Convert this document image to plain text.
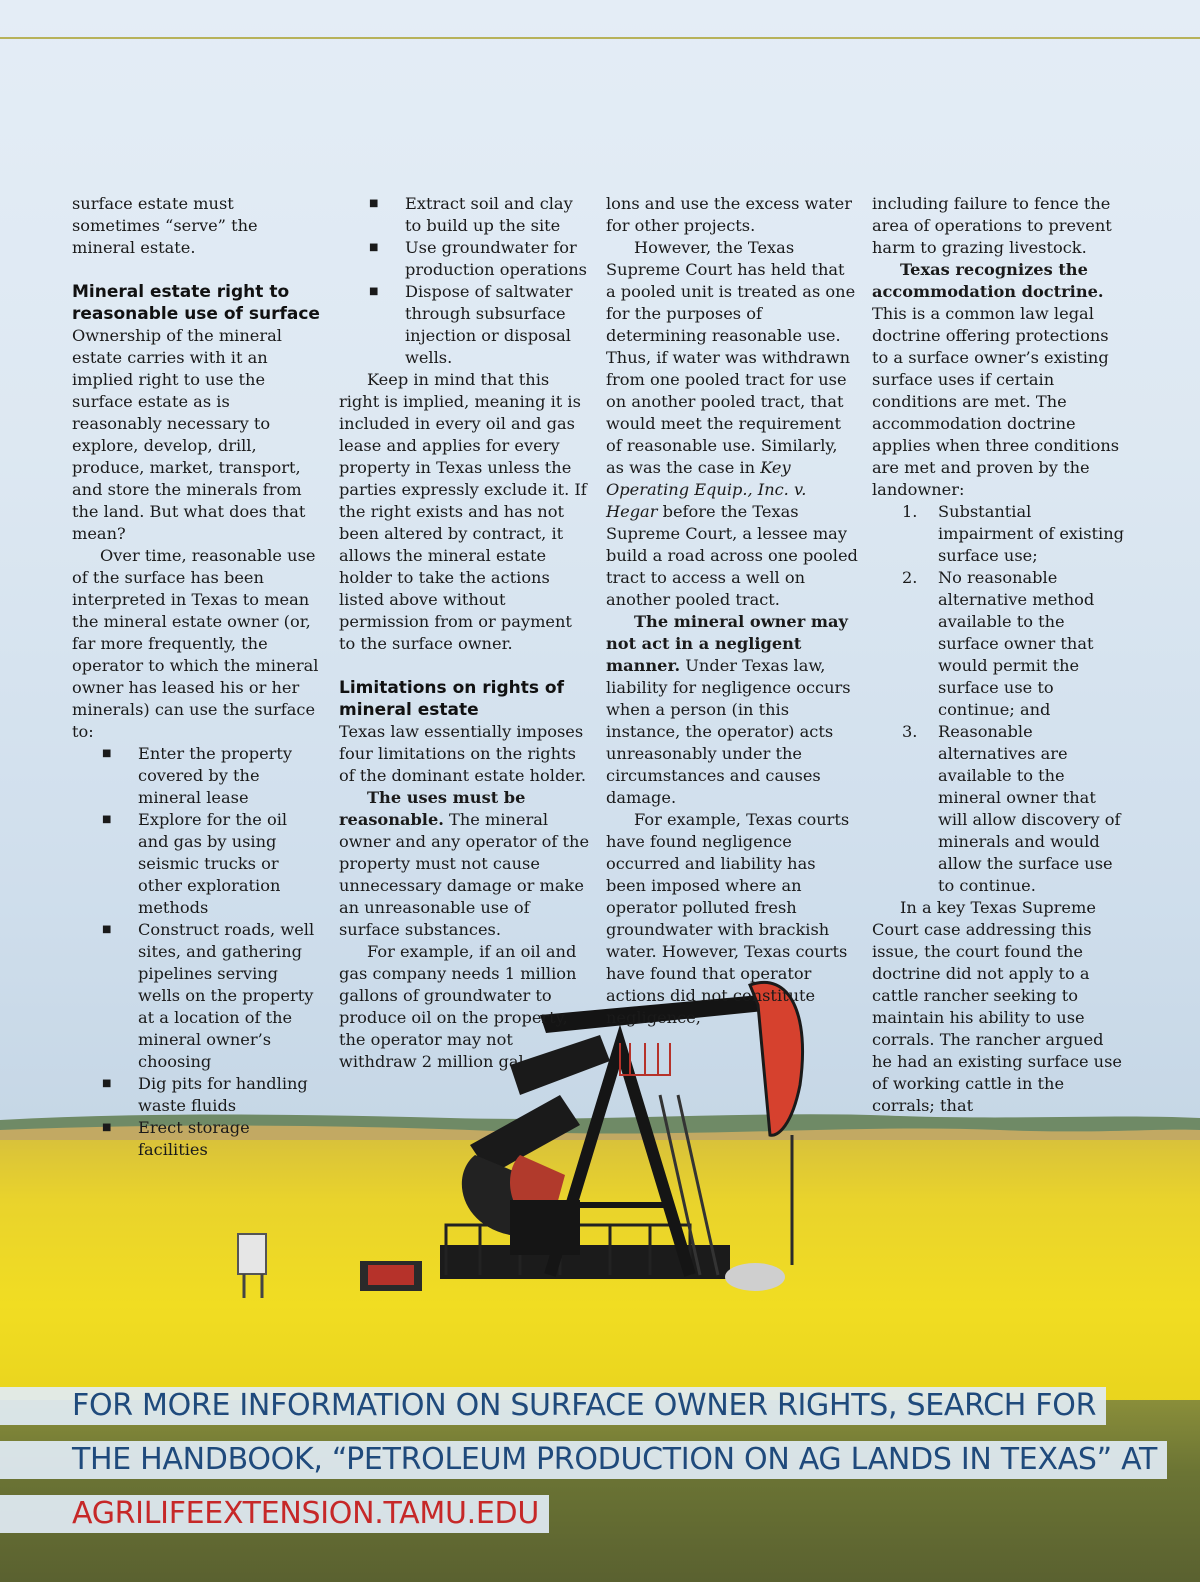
surface estate must sometimes “serve” the mineral estate.

Mineral estate right to reasonable use of surface

Ownership of the mineral estate carries with it an implied right to use the surface estate as is reasonably necessary to explore, develop, drill, produce, market, transport, and store the minerals from the land. But what does that mean?

Over time, reasonable use of the surface has been interpreted in Texas to mean the mineral estate owner (or, far more frequently, the operator to which the mineral owner has leased his or her minerals) can use the surface to:

■ Enter the property covered by the mineral lease
■ Explore for the oil and gas by using seismic trucks or other exploration methods
■ Construct roads, well sites, and gathering pipelines serving wells on the property at a location of the mineral owner’s choosing
■ Dig pits for handling waste fluids
■ Erect storage facilities
■ Extract soil and clay to build up the site
■ Use groundwater for production operations
■ Dispose of saltwater through subsurface injection or disposal wells.

Keep in mind that this right is implied, meaning it is included in every oil and gas lease and applies for every property in Texas unless the parties expressly exclude it. If the right exists and has not been altered by contract, it allows the mineral estate holder to take the actions listed above without permission from or payment to the surface owner.

Limitations on rights of mineral estate

Texas law essentially imposes four limitations on the rights of the dominant estate holder.

The uses must be reasonable. The mineral owner and any operator of the property must not cause unnecessary damage or make an unreasonable use of surface substances.

For example, if an oil and gas company needs 1 million gallons of groundwater to produce oil on the property, the operator may not withdraw 2 million gal-

lons and use the excess water for other projects.

However, the Texas Supreme Court has held that a pooled unit is treated as one for the purposes of determining reasonable use. Thus, if water was withdrawn from one pooled tract for use on another pooled tract, that would meet the requirement of reasonable use. Similarly, as was the case in Key Operating Equip., Inc. v. Hegar before the Texas Supreme Court, a lessee may build a road across one pooled tract to access a well on another pooled tract.

The mineral owner may not act in a negligent manner. Under Texas law, liability for negligence occurs when a person (in this instance, the operator) acts unreasonably under the circumstances and causes damage.

For example, Texas courts have found negligence occurred and liability has been imposed where an operator polluted fresh groundwater with brackish water. However, Texas courts have found that operator actions did not constitute negligence,

including failure to fence the area of operations to prevent harm to grazing livestock.

Texas recognizes the accommodation doctrine. This is a common law legal doctrine offering protections to a surface owner’s existing surface uses if certain conditions are met. The accommodation doctrine applies when three conditions are met and proven by the landowner:

1. Substantial impairment of existing surface use;
2. No reasonable alternative method available to the surface owner that would permit the surface use to continue; and
3. Reasonable alternatives are available to the mineral owner that will allow discovery of minerals and would allow the surface use to continue.

In a key Texas Supreme Court case addressing this issue, the court found the doctrine did not apply to a cattle rancher seeking to maintain his ability to use corrals. The rancher argued he had an existing surface use of working cattle in the corrals; that

FOR MORE INFORMATION ON SURFACE OWNER RIGHTS, SEARCH FOR
THE HANDBOOK, “PETROLEUM PRODUCTION ON AG LANDS IN TEXAS” AT
AGRILIFEEXTENSION.TAMU.EDU
